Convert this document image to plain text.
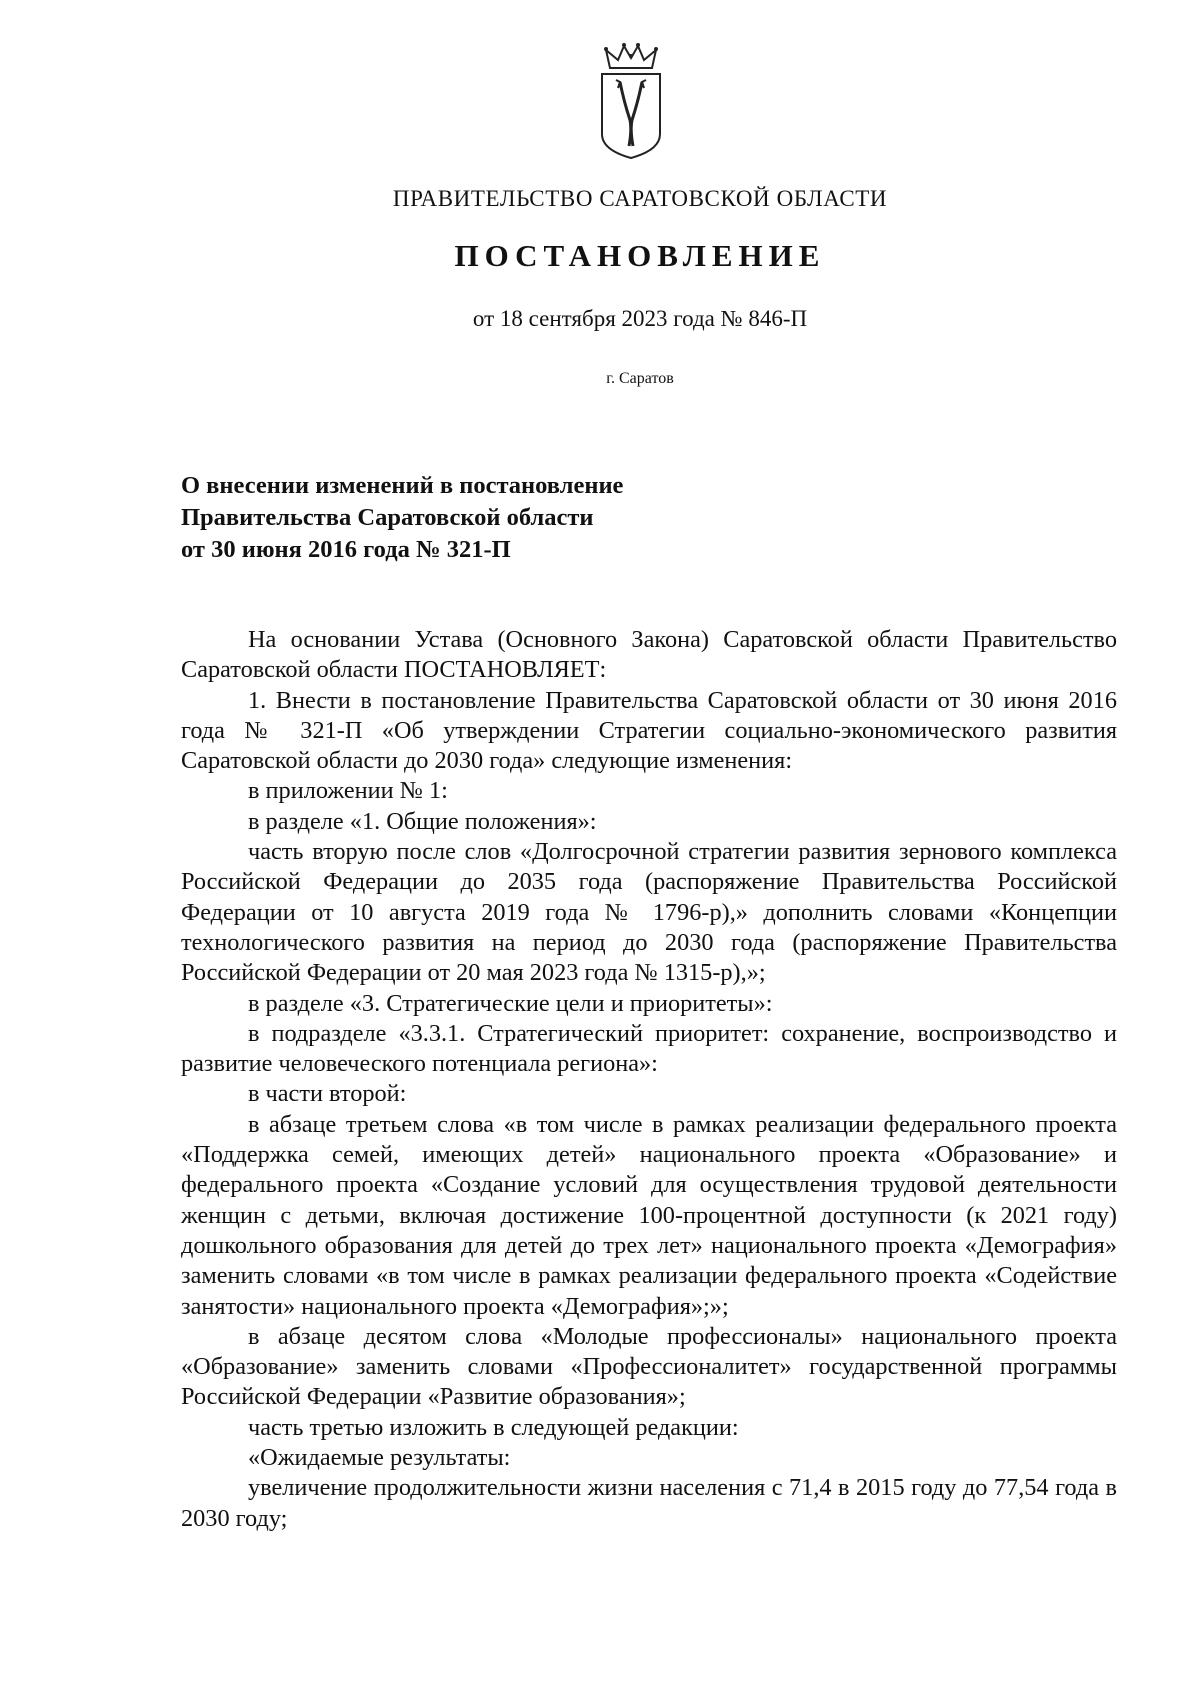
ПРАВИТЕЛЬСТВО САРАТОВСКОЙ ОБЛАСТИ
ПОСТАНОВЛЕНИЕ
от 18 сентября 2023 года № 846-П
г. Саратов
О внесении изменений в постановление
Правительства Саратовской области
от 30 июня 2016 года № 321-П

На основании Устава (Основного Закона) Саратовской области Правительство Саратовской области ПОСТАНОВЛЯЕТ:

1. Внести в постановление Правительства Саратовской области от 30 июня 2016 года № 321-П «Об утверждении Стратегии социально-экономического развития Саратовской области до 2030 года» следующие изменения:

в приложении № 1:

в разделе «1. Общие положения»:

часть вторую после слов «Долгосрочной стратегии развития зернового комплекса Российской Федерации до 2035 года (распоряжение Правительства Российской Федерации от 10 августа 2019 года № 1796-р),» дополнить словами «Концепции технологического развития на период до 2030 года (распоряжение Правительства Российской Федерации от 20 мая 2023 года № 1315-р),»;

в разделе «3. Стратегические цели и приоритеты»:

в подразделе «3.3.1. Стратегический приоритет: сохранение, воспроизводство и развитие человеческого потенциала региона»:

в части второй:

в абзаце третьем слова «в том числе в рамках реализации федерального проекта «Поддержка семей, имеющих детей» национального проекта «Образование» и федерального проекта «Создание условий для осуществления трудовой деятельности женщин с детьми, включая достижение 100-процентной доступности (к 2021 году) дошкольного образования для детей до трех лет» национального проекта «Демография» заменить словами «в том числе в рамках реализации федерального проекта «Содействие занятости» национального проекта «Демография»;»;

в абзаце десятом слова «Молодые профессионалы» национального проекта «Образование» заменить словами «Профессионалитет» государственной программы Российской Федерации «Развитие образования»;

часть третью изложить в следующей редакции:

«Ожидаемые результаты:

увеличение продолжительности жизни населения с 71,4 в 2015 году до 77,54 года в 2030 году;
